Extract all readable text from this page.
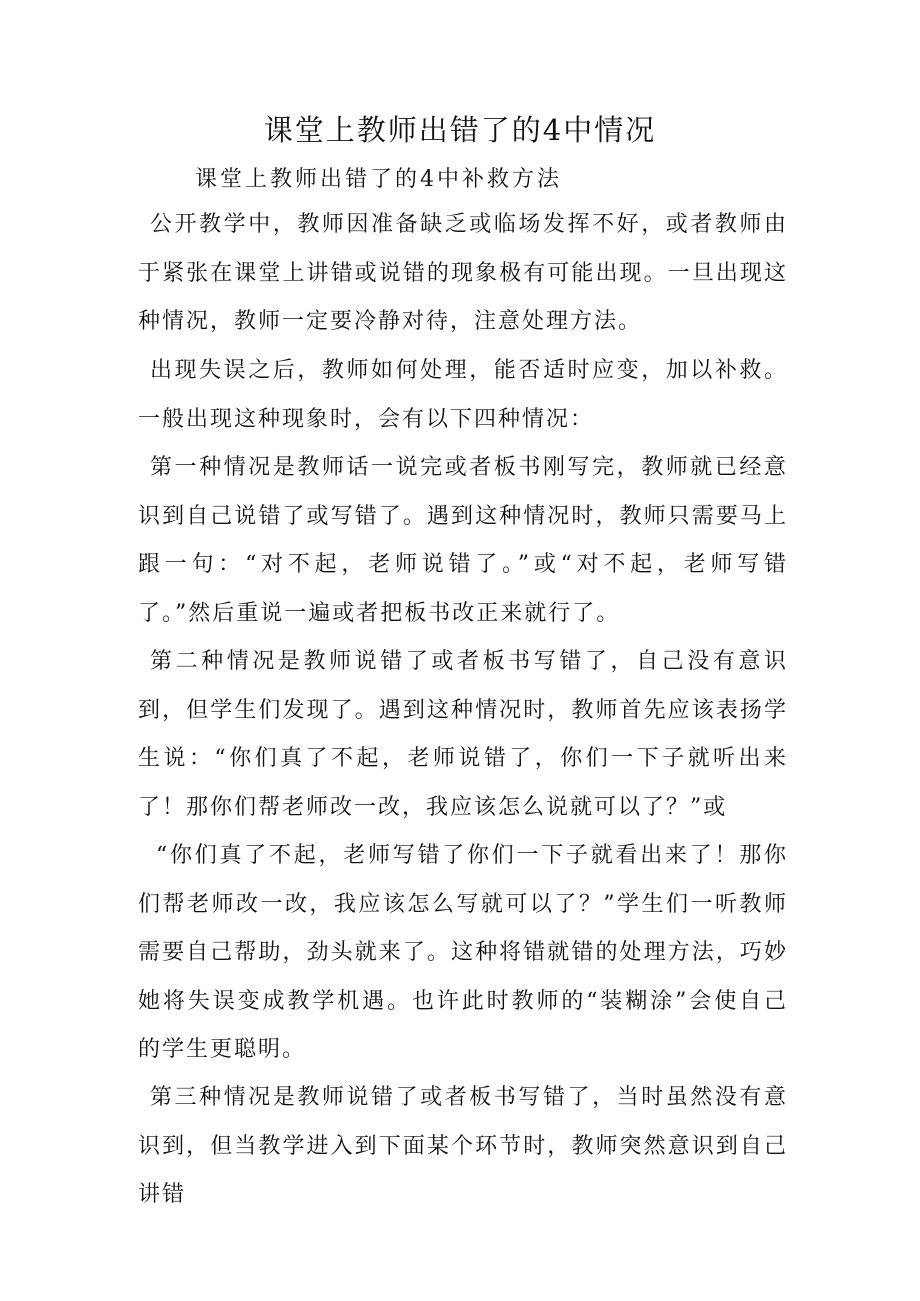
课堂上教师出错了的4中情况

课堂上教师出错了的4中补救方法

公开教学中，教师因准备缺乏或临场发挥不好，或者教师由于紧张在课堂上讲错或说错的现象极有可能出现。一旦出现这种情况，教师一定要冷静对待，注意处理方法。

出现失误之后，教师如何处理，能否适时应变，加以补救。一般出现这种现象时，会有以下四种情况：

第一种情况是教师话一说完或者板书刚写完，教师就已经意识到自己说错了或写错了。遇到这种情况时，教师只需要马上跟一句：“对不起，老师说错了。”或“对不起，老师写错了。”然后重说一遍或者把板书改正来就行了。

第二种情况是教师说错了或者板书写错了，自己没有意识到，但学生们发现了。遇到这种情况时，教师首先应该表扬学生说：“你们真了不起，老师说错了，你们一下子就听出来了！那你们帮老师改一改，我应该怎么说就可以了？”或

“你们真了不起，老师写错了你们一下子就看出来了！那你们帮老师改一改，我应该怎么写就可以了？”学生们一听教师需要自己帮助，劲头就来了。这种将错就错的处理方法，巧妙她将失误变成教学机遇。也许此时教师的“装糊涂”会使自己的学生更聪明。

第三种情况是教师说错了或者板书写错了，当时虽然没有意识到，但当教学进入到下面某个环节时，教师突然意识到自己讲错
